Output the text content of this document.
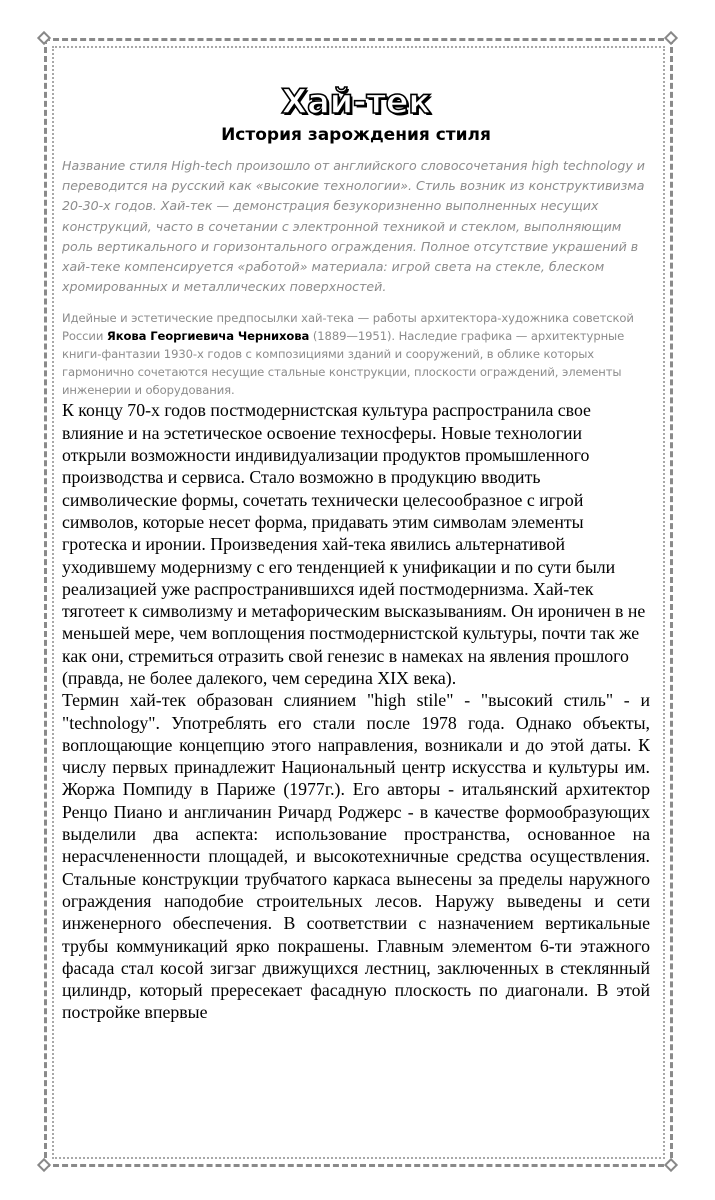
Хай-тек
История зарождения стиля

Название стиля High-tech произошло от английского словосочетания high technology и переводится на русский как «высокие технологии». Стиль возник из конструктивизма 20-30-х годов. Хай-тек — демонстрация безукоризненно выполненных несущих конструкций, часто в сочетании с электронной техникой и стеклом, выполняющим роль вертикального и горизонтального ограждения. Полное отсутствие украшений в хай-теке компенсируется «работой» материала: игрой света на стекле, блеском хромированных и металлических поверхностей.

Идейные и эстетические предпосылки хай-тека — работы архитектора-художника советской России Якова Георгиевича Чернихова (1889—1951). Наследие графика — архитектурные книги-фантазии 1930-х годов с композициями зданий и сооружений, в облике которых гармонично сочетаются несущие стальные конструкции, плоскости ограждений, элементы инженерии и оборудования.

К концу 70-х годов постмодернистская культура распространила свое влияние и на эстетическое освоение техносферы. Новые технологии открыли возможности индивидуализации продуктов промышленного производства и сервиса. Стало возможно в продукцию вводить символические формы, сочетать технически целесообразное с игрой символов, которые несет форма, придавать этим символам элементы гротеска и иронии. Произведения хай-тека явились альтернативой уходившему модернизму с его тенденцией к унификации и по сути были реализацией уже распространившихся идей постмодернизма. Хай-тек тяготеет к символизму и метафорическим высказываниям. Он ироничен в не меньшей мере, чем воплощения постмодернистской культуры, почти так же как они, стремиться отразить свой генезис в намеках на явления прошлого (правда, не более далекого, чем середина XIX века).

Термин хай-тек образован слиянием "high stile" - "высокий стиль" - и "technology". Употреблять его стали после 1978 года. Однако объекты, воплощающие концепцию этого направления, возникали и до этой даты. К числу первых принадлежит Национальный центр искусства и культуры им. Жоржа Помпиду в Париже (1977г.). Его авторы - итальянский архитектор Ренцо Пиано и англичанин Ричард Роджерс - в качестве формообразующих выделили два аспекта: использование пространства, основанное на нерасчлененности площадей, и высокотехничные средства осуществления. Стальные конструкции трубчатого каркаса вынесены за пределы наружного ограждения наподобие строительных лесов. Наружу выведены и сети инженерного обеспечения. В соответствии с назначением вертикальные трубы коммуникаций ярко покрашены. Главным элементом 6-ти этажного фасада стал косой зигзаг движущихся лестниц, заключенных в стеклянный цилиндр, который прересекает фасадную плоскость по диагонали. В этой постройке впервые
